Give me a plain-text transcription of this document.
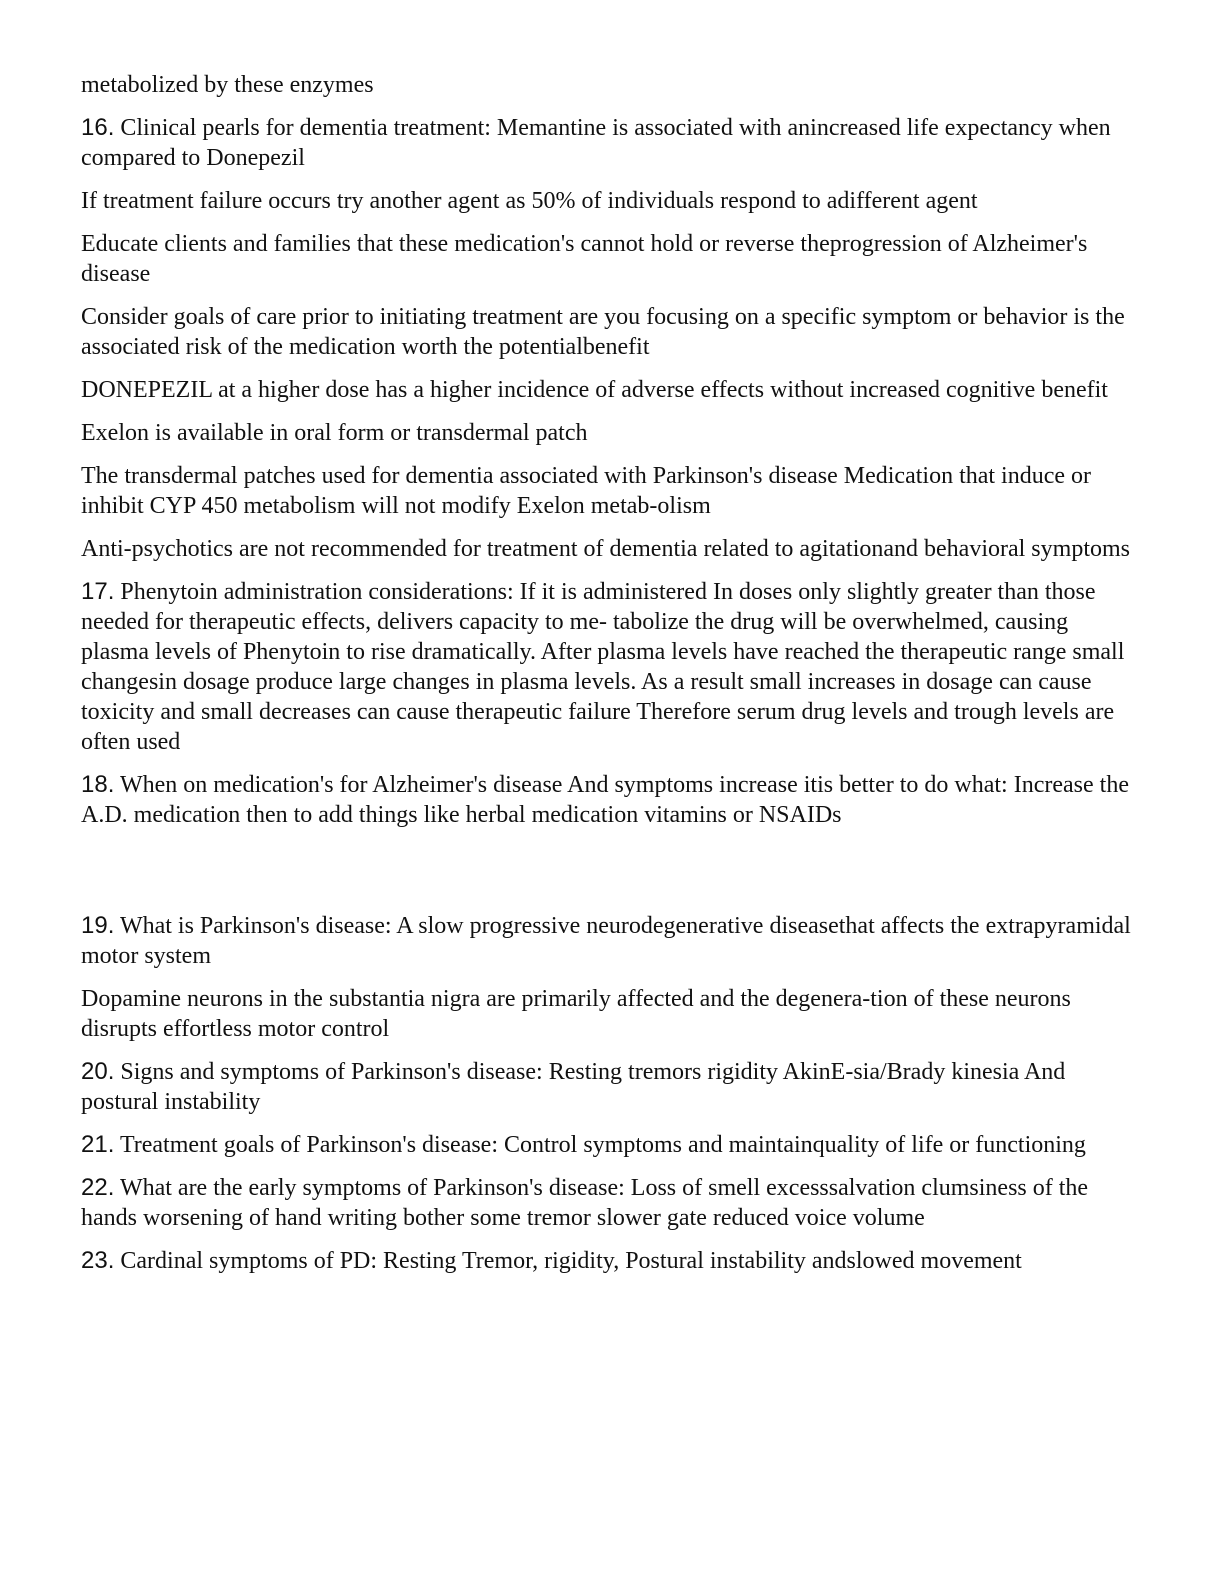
metabolized by these enzymes

16. Clinical pearls for dementia treatment: Memantine is associated with anincreased life expectancy when compared to Donepezil

If treatment failure occurs try another agent as 50% of individuals respond to adifferent agent

Educate clients and families that these medication's cannot hold or reverse theprogression of Alzheimer's disease

Consider goals of care prior to initiating treatment are you focusing on a specific symptom or behavior is the associated risk of the medication worth the potentialbenefit

DONEPEZIL at a higher dose has a higher incidence of adverse effects without increased cognitive benefit

Exelon is available in oral form or transdermal patch

The transdermal patches used for dementia associated with Parkinson's disease Medication that induce or inhibit CYP 450 metabolism will not modify Exelon metab-olism

Anti-psychotics are not recommended for treatment of dementia related to agitationand behavioral symptoms

17. Phenytoin administration considerations: If it is administered In doses only slightly greater than those needed for therapeutic effects, delivers capacity to me- tabolize the drug will be overwhelmed, causing plasma levels of Phenytoin to rise dramatically. After plasma levels have reached the therapeutic range small changesin dosage produce large changes in plasma levels. As a result small increases in dosage can cause toxicity and small decreases can cause therapeutic failure Therefore serum drug levels and trough levels are often used

18. When on medication's for Alzheimer's disease And symptoms increase itis better to do what: Increase the A.D. medication then to add things like herbal medication vitamins or NSAIDs

19. What is Parkinson's disease: A slow progressive neurodegenerative diseasethat affects the extrapyramidal motor system

Dopamine neurons in the substantia nigra are primarily affected and the degenera-tion of these neurons disrupts effortless motor control

20. Signs and symptoms of Parkinson's disease: Resting tremors rigidity AkinE-sia/Brady kinesia And postural instability

21. Treatment goals of Parkinson's disease: Control symptoms and maintainquality of life or functioning

22. What are the early symptoms of Parkinson's disease: Loss of smell excesssalvation clumsiness of the hands worsening of hand writing bother some tremor slower gate reduced voice volume

23. Cardinal symptoms of PD: Resting Tremor, rigidity, Postural instability andslowed movement
